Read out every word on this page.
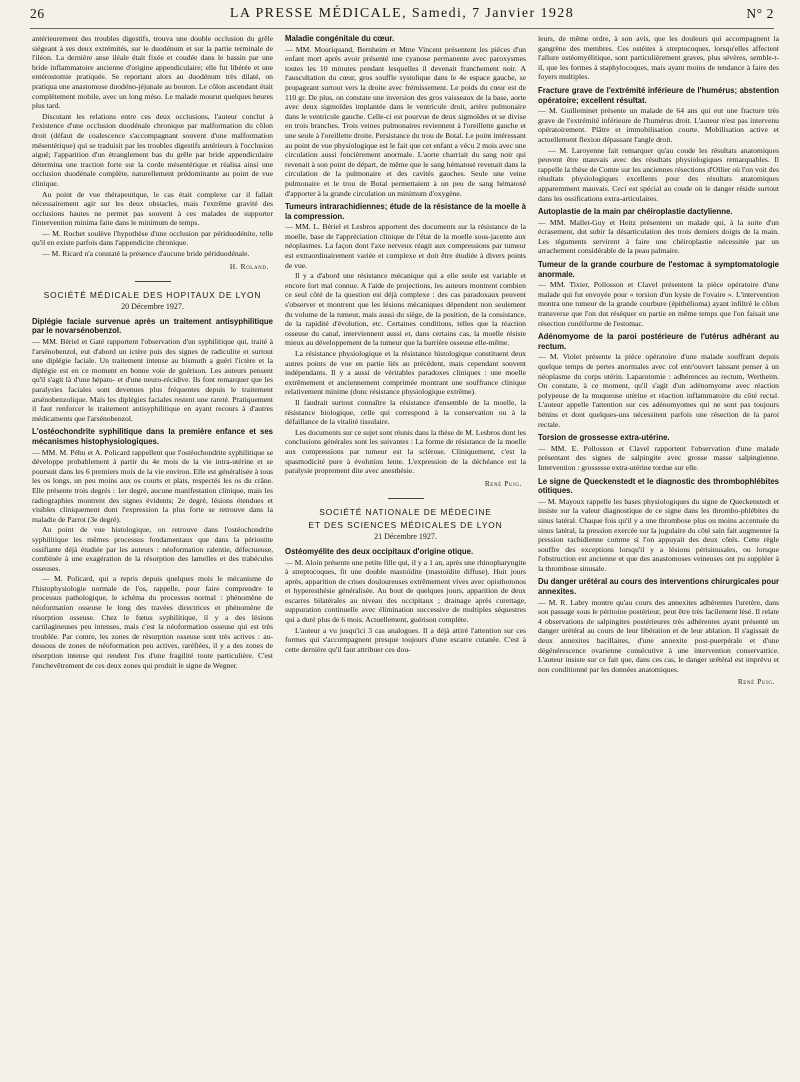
26	LA PRESSE MÉDICALE, Samedi, 7 Janvier 1928	N° 2

antérieurement des troubles digestifs, trouva une double occlusion du grêle siégeant à ses deux extrémités, sur le duodénum et sur la partie terminale de l'iléon. La dernière anse iléale était fixée et coudée dans le bassin par une bride inflammatoire ancienne d'origine appendiculaire; elle fut libérée et une entérostomie pratiquée. Se reportant alors au duodénum très dilaté, on pratiqua une anastomose duodéno-jéjunale au bouton. Le côlon ascendant était complètement mobile, avec un long méso. Le malade mourut quelques heures plus tard.

Discutant les relations entre ces deux occlusions, l'auteur conclut à l'existence d'une occlusion duodénale chronique par malformation du côlon droit (défaut de coalescence s'accompagnant souvent d'une malformation mésentérique) qui se traduisit par les troubles digestifs antérieurs à l'occlusion aiguë; l'apparition d'un étranglement bas du grêle par bride appendiculaire détermina une traction forte sur la corde mésentérique et réalisa ainsi une occlusion duodénale complète, naturellement prédominante au point de vue clinique.

Au point de vue thérapeutique, le cas était complexe car il fallait nécessairement agir sur les deux obstacles, mais l'extrême gravité des occlusions hautes ne permet pas souvent à ces malades de supporter l'intervention minima faite dans le minimum de temps.

— M. Rochet soulève l'hypothèse d'une occlusion par périduodénite, telle qu'il en existe parfois dans l'appendicite chronique.

— M. Ricard n'a constaté la présence d'aucune bride périduodénale.

H. Roland.
SOCIÉTÉ MÉDICALE DES HOPITAUX DE LYON
20 Décembre 1927.

Diplégie faciale survenue après un traitement antisyphilitique par le novarsénobenzol.

— MM. Bériel et Gaté rapportent l'observation d'un syphilitique qui, traité à l'arsénobenzol, eut d'abord un ictère puis des signes de radiculite et surtout une diplégie faciale. Un traitement intense au bismuth a guéri l'ictère et la diplégie est en ce moment en bonne voie de guérison. Les auteurs pensent qu'il s'agit là d'une hépato- et d'une neuro-récidive. Ils font remarquer que les paralysies faciales sont devenues plus fréquentes depuis le traitement arsénobenzolique. Mais les diplégies faciales restent une rareté. Pratiquement il faut renforcer le traitement antisyphilitique en ayant recours à d'autres médicaments que l'arsénobenzol.

L'ostéochondrite syphilitique dans la première enfance et ses mécanismes histophysiologiques.

— MM. M. Péhu et A. Policard rappellent que l'ostéochondrite syphilitique se développe probablement à partir du 4e mois de la vie intra-utérine et se poursuit dans les 6 premiers mois de la vie environ. Elle est généralisée à tous les os longs, un peu moins aux os courts et plats, respectés les os du crâne. Elle présente trois degrés : 1er degré, aucune manifestation clinique, mais les radiographies montrent des signes évidents; 2e degré, lésions étendues et visibles cliniquement dont l'expression la plus forte se retrouve dans la maladie de Parrot (3e degré).

Au point de vue histologique, on retrouve dans l'ostéochondrite syphilitique les mêmes processus fondamentaux que dans la périostite ossifiante déjà étudiée par les auteurs : néoformation ralentie, défectueuse, combinée à une exagération de la résorption des lamelles et des trabécules osseuses.

— M. Policard, qui a repris depuis quelques mois le mécanisme de l'histophysiologie normale de l'os, rappelle, pour faire comprendre le processus pathologique, le schéma du processus normal : phénomène de néoformation osseuse le long des travées directrices et phénomène de résorption osseuse. Chez le fœtus syphilitique, il y a des lésions cartilagineuses peu intenses, mais c'est la néoformation osseuse qui est très troublée. Par contre, les zones de résorption osseuse sont très actives : au-dessous de zones de néoformation peu actives, raréfiées, il y a des zones de résorption intense qui rendent l'os d'une fragilité toute particulière. C'est l'enchevêtrement de ces deux zones qui produit le signe de Wegner.

Maladie congénitale du cœur.

— MM. Mouriquand, Bernheim et Mme Vincent présentent les pièces d'un enfant mort après avoir présenté une cyanose permanente avec paroxysmes toutes les 10 minutes pendant lesquelles il devenait franchement noir. A l'auscultation du cœur, gros souffle systolique dans le 4e espace gauche, se propageant surtout vers la droite avec frémissement. Le poids du cœur est de 110 gr. De plus, on constate une inversion des gros vaisseaux de la base, aorte avec deux sigmoïdes implantée dans le ventricule droit, artère pulmonaire dans le ventricule gauche. Celle-ci est pourvue de deux sigmoïdes et se divise en trois branches. Trois veines pulmonaires reviennent à l'oreillette gauche et une seule à l'oreillette droite. Persistance du trou de Botal. Le point intéressant au point de vue physiologique est le fait que cet enfant a vécu 2 mois avec une circulation aussi foncièrement anormale. L'aorte charriait du sang noir qui revenait à son point de départ, de même que le sang hématosé revenait dans la circulation de la pulmonaire et des cavités gauches. Seule une veine pulmonaire et le trou de Botal permettaient à un peu de sang hématosé d'apporter à la grande circulation un minimum d'oxygène.

Tumeurs intrarachidiennes; étude de la résistance de la moelle à la compression.

— MM. L. Bériel et Lesbros apportent des documents sur la résistance de la moelle, base de l'appréciation clinique de l'état de la moelle sous-jacente aux néoplasmes. La façon dont l'axe nerveux réagit aux compressions par tumeur est extraordinairement variée et complexe et doit être étudiée à divers points de vue.

Il y a d'abord une résistance mécanique qui a elle seule est variable et encore fort mal connue. A l'aide de projections, les auteurs montrent combien ce seul côté de la question est déjà complexe : des cas paradoxaux peuvent s'observer et montrent que les lésions mécaniques dépendent non seulement du volume de la tumeur, mais aussi du siège, de la position, de la consistance, de la rapidité d'évolution, etc. Certaines conditions, telles que la réaction osseuse du canal, interviennent aussi et, dans certains cas, la moelle résiste mieux au développement de la tumeur que la barrière osseuse elle-même.

La résistance physiologique et la résistance histologique constituent deux autres points de vue en partie liés au précédent, mais cependant souvent indépendants. Il y a aussi de véritables paradoxes cliniques : une moelle extrêmement et anciennement comprimée montrant une souffrance clinique relativement minime (donc résistance physiologique extrême).

Il faudrait surtout connaître la résistance d'ensemble de la moelle, la résistance biologique, celle qui correspond à la conservation ou à la défaillance de la vitalité tissulaire.

Les documents sur ce sujet sont réunis dans la thèse de M. Lesbros dont les conclusions générales sont les suivantes : La forme de résistance de la moelle aux compressions par tumeur est la sclérose. Cliniquement, c'est la spasmodicité pure à évolution lente. L'expression de la déchéance est la paralysie proprement dite avec anesthésie.

René Puig.
SOCIÉTÉ NATIONALE DE MÉDECINE
ET DES SCIENCES MÉDICALES DE LYON
21 Décembre 1927.

Ostéomyélite des deux occipitaux d'origine otique.

— M. Aloin présente une petite fille qui, il y a 1 an, après une rhinopharyngite à streptocoques, fit une double mastoïdite (mastoïdite diffuse). Huit jours après, apparition de crises douloureuses extrêmement vives avec opisthotonos et hyperesthésie généralisée. Au bout de quelques jours, apparition de deux escarres bilatérales au niveau des occipitaux ; drainage après curettage, suppuration continuelle avec élimination successive de multiples séquestres qui a duré plus de 6 mois. Actuellement, guérison complète.

L'auteur a vu jusqu'ici 3 cas analogues. Il a déjà attiré l'attention sur ces formes qui s'accompagnent presque toujours d'une escarre cutanée. C'est à cette dernière qu'il faut attribuer ces dou-

leurs, de même ordre, à son avis, que les douleurs qui accompagnent la gangrène des membres. Ces ostéites à streptocoques, lorsqu'elles affectent l'allure ostéomyélitique, sont particulièrement graves, plus sévères, semble-t-il, que les formes à staphylocoques, mais ayant moins de tendance à faire des foyers multiples.

Fracture grave de l'extrémité inférieure de l'humérus; abstention opératoire; excellent résultat.

— M. Guilleminet présente un malade de 64 ans qui eut une fracture très grave de l'extrémité inférieure de l'humérus droit. L'auteur n'est pas intervenu opératoirement. Plâtre et immobilisation courte. Mobilisation active et actuellement flexion dépassant l'angle droit.

— M. Laroyenne fait remarquer qu'au coude les résultats anatomiques peuvent être mauvais avec des résultats physiologiques remarquables. Il rappelle la thèse de Comte sur les anciennes résections d'Ollier où l'on voit des résultats physiologiques excellents pour des résultats anatomiques apparemment mauvais. Ceci est spécial au coude où le danger réside surtout dans les ossifications extra-articulaires.

Autoplastie de la main par chéiroplastie dactylienne.

— MM. Mallet-Guy et Heitz présentent un malade qui, à la suite d'un écrasement, dut subir la désarticulation des trois derniers doigts de la main. Les téguments servirent à faire une chéiroplastie nécessitée par un arrachement considérable de la peau palmaire.

Tumeur de la grande courbure de l'estomac à symptomatologie anormale.

— MM. Tixier, Pollosson et Clavel présentent la pièce opératoire d'une malade qui fut envoyée pour « torsion d'un kyste de l'ovaire ». L'intervention montra une tumeur de la grande courbure (épithélioma) ayant infiltré le côlon transverse que l'on dut réséquer en partie en même temps que l'on faisait une résection cunéiforme de l'estomac.

Adénomyome de la paroi postérieure de l'utérus adhérant au rectum.

— M. Violet présente la pièce opératoire d'une malade souffrant depuis quelque temps de pertes anormales avec col entr'ouvert laissant penser à un néoplasme du corps utérin. Laparotomie : adhérences au rectum, Wertheim. On constate, à ce moment, qu'il s'agit d'un adénomyome avec réaction polypeuse de la muqueuse utérine et réaction inflammatoire du côté rectal. L'auteur appelle l'attention sur ces adénomyomes qui ne sont pas toujours bénins et dont quelques-uns nécessitent parfois une résection de la paroi rectale.

Torsion de grossesse extra-utérine.

— MM. E. Pollosson et Clavel rapportent l'observation d'une malade présentant des signes de salpingite avec grosse masse salpingienne. Intervention : grossesse extra-utérine tordue sur elle.

Le signe de Queckenstedt et le diagnostic des thrombophlébites otitiques.

— M. Mayoux rappelle les bases physiologiques du signe de Queckenstedt et insiste sur la valeur diagnostique de ce signe dans les thrombo-phlébites du sinus latéral. Chaque fois qu'il y a une thrombose plus ou moins accentuée du sinus latéral, la pression exercée sur la jugulaire du côté sain fait augmenter la pression rachidienne comme si l'on appuyait des deux côtés. Cette règle souffre des exceptions lorsqu'il y a lésions périsinusales, ou lorsque l'obstruction est ancienne et que des anastomoses veineuses ont pu suppléer à la thrombose sinusale.

Du danger urétéral au cours des interventions chirurgicales pour annexites.

— M. R. Labry montre qu'au cours des annexites adhérentes l'uretère, dans son passage sous le péritoine postérieur, peut être très facilement lésé. Il relate 4 observations de salpingites postérieures très adhérentes ayant présenté un danger urétéral au cours de leur libération et de leur ablation. Il s'agissait de deux annexites bacillaires, d'une annexite post-puerpérale et d'une dégénérescence ovarienne consécutive à une intervention conservatrice. L'auteur insiste sur ce fait que, dans ces cas, le danger urétéral est imprévu et non conditionné par les données anatomiques.

René Puig.
